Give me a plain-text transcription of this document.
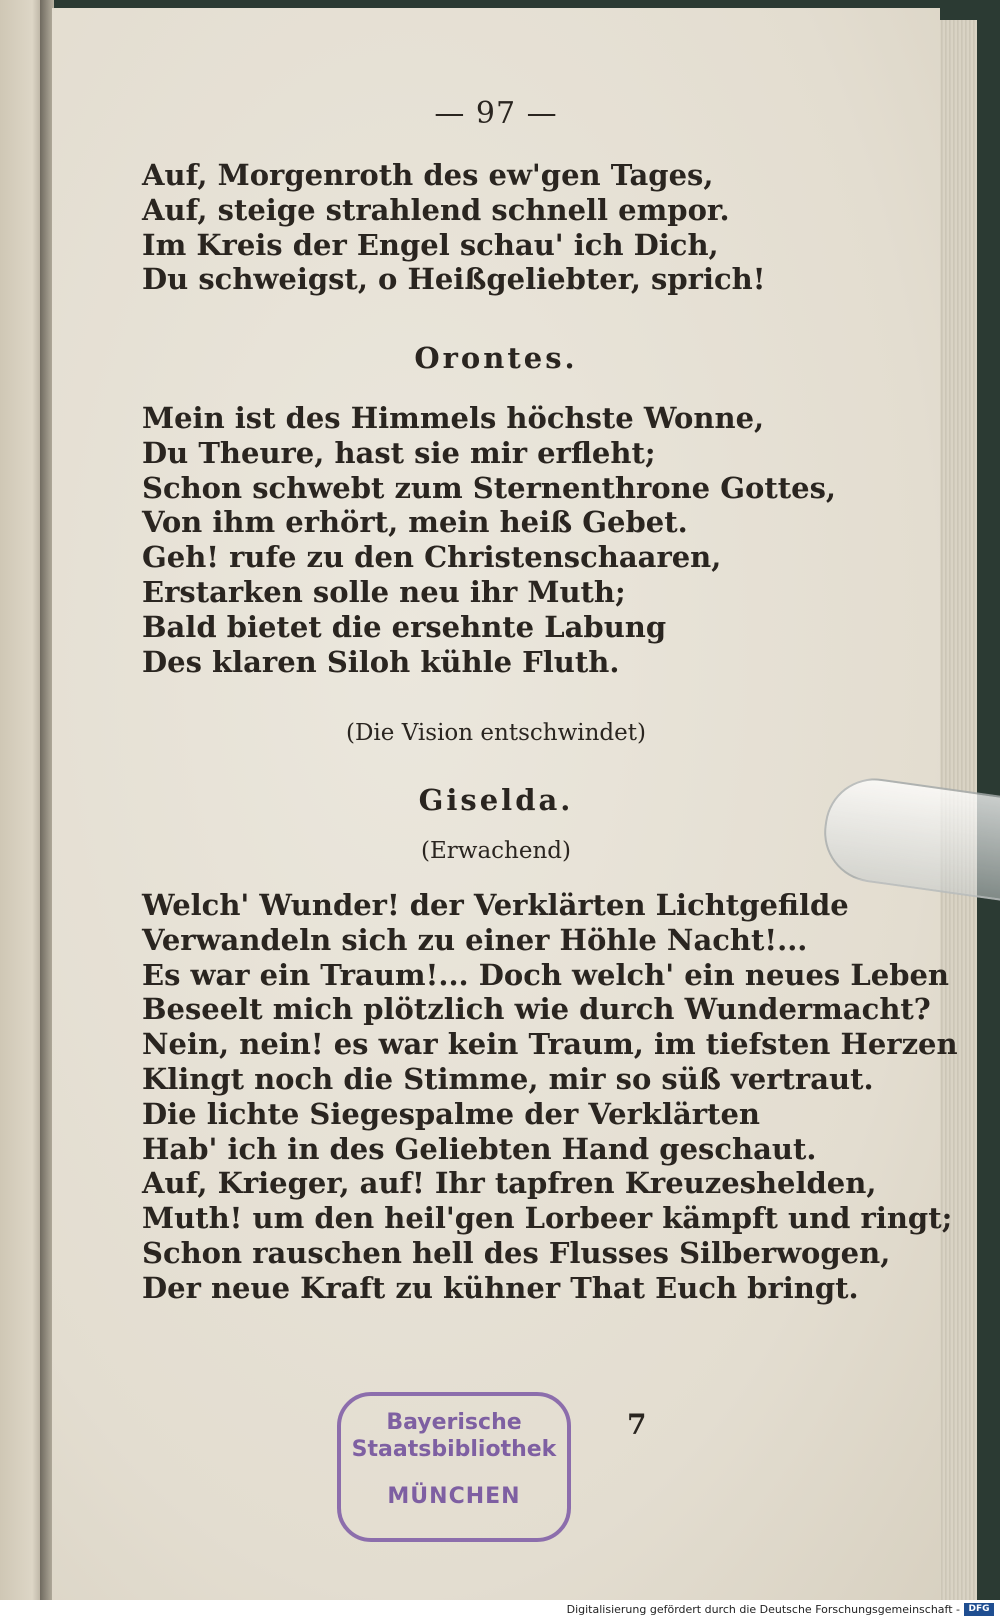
— 97 —
Auf, Morgenroth des ew'gen Tages,
Auf, steige strahlend schnell empor.
Im Kreis der Engel schau' ich Dich,
Du schweigst, o Heißgeliebter, sprich!
Orontes.
Mein ist des Himmels höchste Wonne,
Du Theure, hast sie mir erfleht;
Schon schwebt zum Sternenthrone Gottes,
Von ihm erhört, mein heiß Gebet.
Geh! rufe zu den Christenschaaren,
Erstarken solle neu ihr Muth;
Bald bietet die ersehnte Labung
Des klaren Siloh kühle Fluth.
(Die Vision entschwindet)
Giselda.
(Erwachend)
Welch' Wunder! der Verklärten Lichtgefilde
Verwandeln sich zu einer Höhle Nacht!...
Es war ein Traum!... Doch welch' ein neues Leben
Beseelt mich plötzlich wie durch Wundermacht?
Nein, nein! es war kein Traum, im tiefsten Herzen
Klingt noch die Stimme, mir so süß vertraut.
Die lichte Siegespalme der Verklärten
Hab' ich in des Geliebten Hand geschaut.
Auf, Krieger, auf! Ihr tapfren Kreuzeshelden,
Muth! um den heil'gen Lorbeer kämpft und ringt;
Schon rauschen hell des Flusses Silberwogen,
Der neue Kraft zu kühner That Euch bringt.
7
Bayerische
Staatsbibliothek
MÜNCHEN
Digitalisierung gefördert durch die Deutsche Forschungsgemeinschaft - DFG
